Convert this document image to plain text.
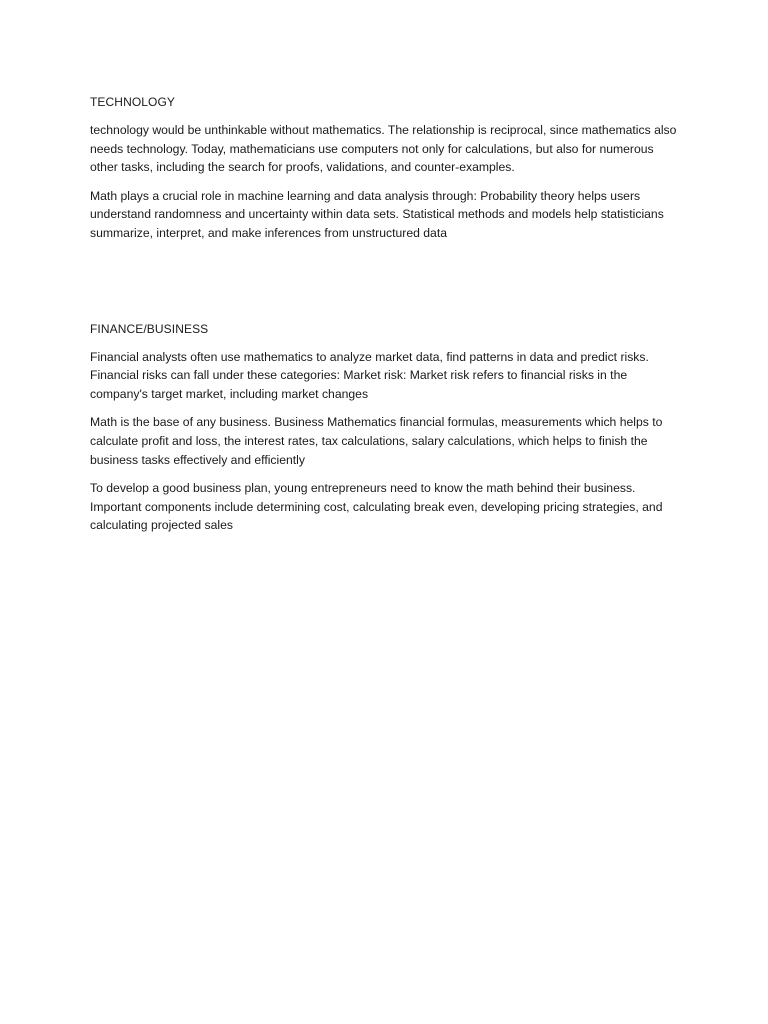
TECHNOLOGY

technology would be unthinkable without mathematics. The relationship is reciprocal, since mathematics also needs technology. Today, mathematicians use computers not only for calculations, but also for numerous other tasks, including the search for proofs, validations, and counter-examples.

Math plays a crucial role in machine learning and data analysis through: Probability theory helps users understand randomness and uncertainty within data sets. Statistical methods and models help statisticians summarize, interpret, and make inferences from unstructured data

FINANCE/BUSINESS

Financial analysts often use mathematics to analyze market data, find patterns in data and predict risks. Financial risks can fall under these categories: Market risk: Market risk refers to financial risks in the company's target market, including market changes

Math is the base of any business. Business Mathematics financial formulas, measurements which helps to calculate profit and loss, the interest rates, tax calculations, salary calculations, which helps to finish the business tasks effectively and efficiently

To develop a good business plan, young entrepreneurs need to know the math behind their business. Important components include determining cost, calculating break even, developing pricing strategies, and calculating projected sales
